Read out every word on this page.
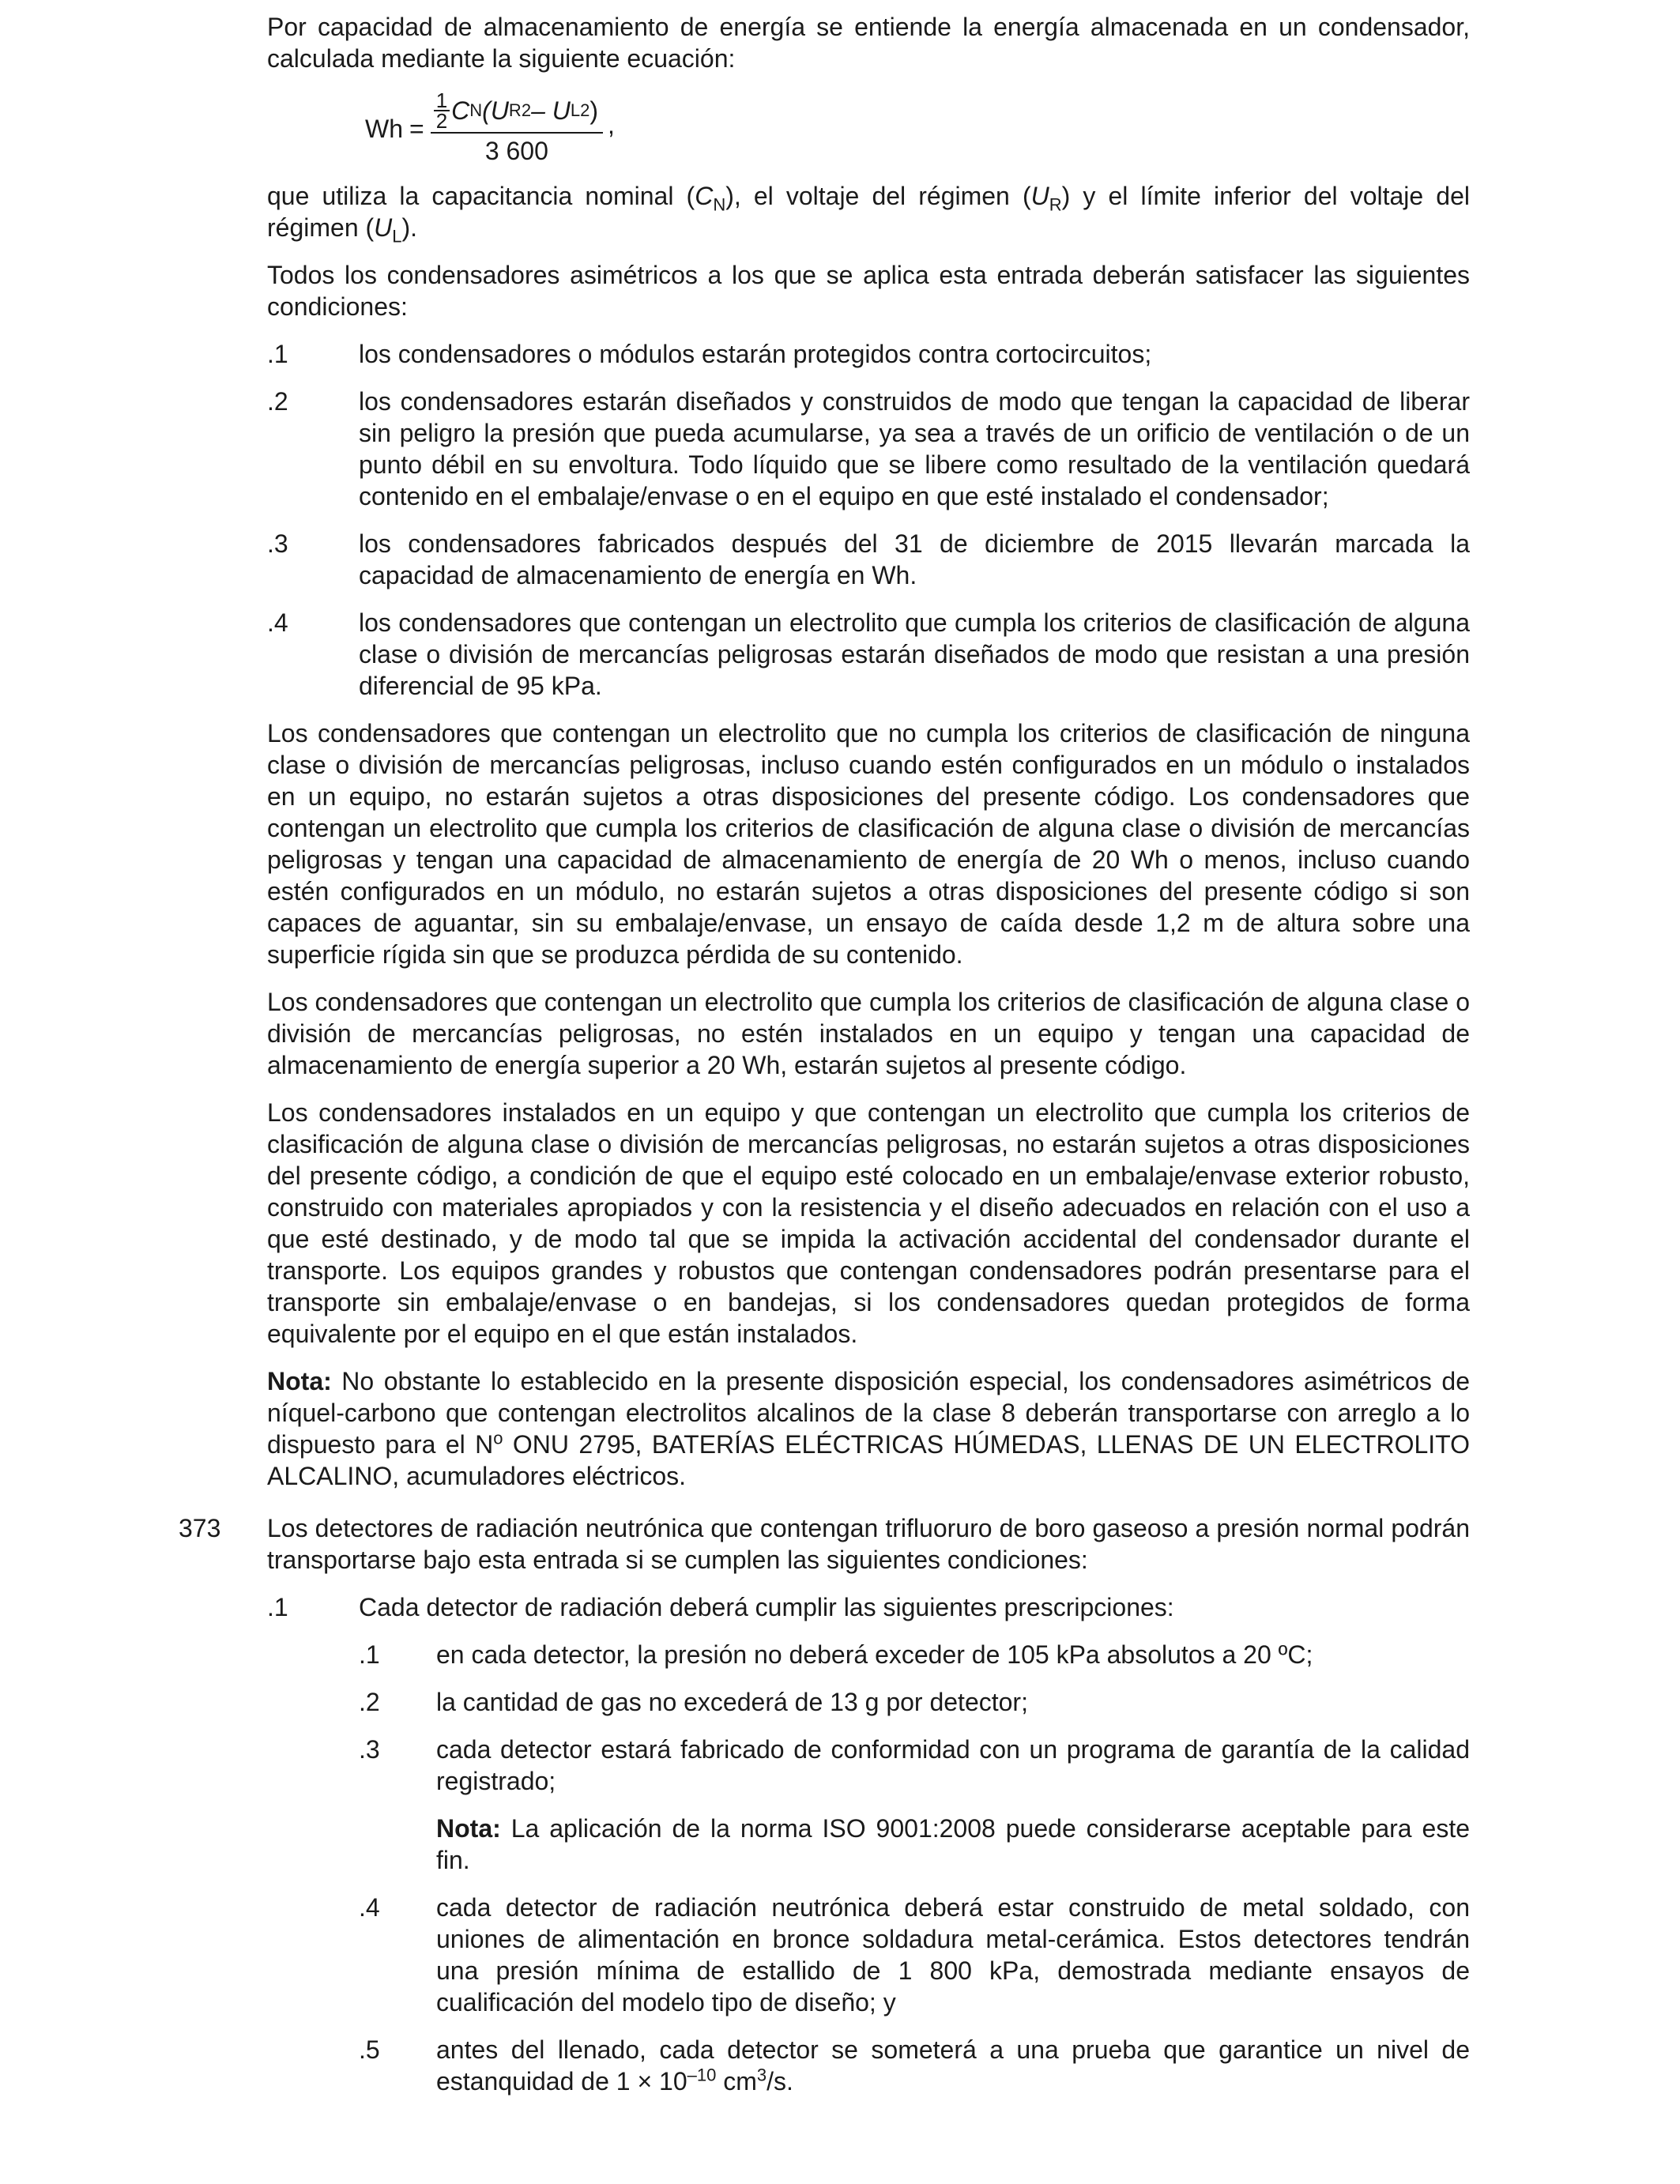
Por capacidad de almacenamiento de energía se entiende la energía almacenada en un condensador, calculada mediante la siguiente ecuación:

$Wh = \frac{\frac{1}{2} C N (U R 2 - U L 2 )}{3 600}$ ,

que utiliza la capacitancia nominal $(C_N)$, el voltaje del régimen $(U_R)$ y el límite inferior del voltaje del régimen $(U_L)$.

Todos los condensadores asimétricos a los que se aplica esta entrada deberán satisfacer las siguientes condiciones:

.1	los condensadores o módulos estarán protegidos contra cortocircuitos;
.2	los condensadores estarán diseñados y construidos de modo que tengan la capacidad de liberar sin peligro la presión que pueda acumularse, ya sea a través de un orificio de ventilación o de un punto débil en su envoltura. Todo líquido que se libere como resultado de la ventilación quedará contenido en el embalaje/envase o en el equipo en que esté instalado el condensador;
.3	los condensadores fabricados después del 31 de diciembre de 2015 llevarán marcada la capacidad de almacenamiento de energía en Wh.
.4	los condensadores que contengan un electrolito que cumpla los criterios de clasificación de alguna clase o división de mercancías peligrosas estarán diseñados de modo que resistan a una presión diferencial de 95 kPa.

Los condensadores que contengan un electrolito que no cumpla los criterios de clasificación de ninguna clase o división de mercancías peligrosas, incluso cuando estén configurados en un módulo o instalados en un equipo, no estarán sujetos a otras disposiciones del presente código. Los condensadores que contengan un electrolito que cumpla los criterios de clasificación de alguna clase o división de mercancías peligrosas y tengan una capacidad de almacenamiento de energía de 20 Wh o menos, incluso cuando estén configurados en un módulo, no estarán sujetos a otras disposiciones del presente código si son capaces de aguantar, sin su embalaje/envase, un ensayo de caída desde 1,2 m de altura sobre una superficie rígida sin que se produzca pérdida de su contenido.

Los condensadores que contengan un electrolito que cumpla los criterios de clasificación de alguna clase o división de mercancías peligrosas, no estén instalados en un equipo y tengan una capacidad de almacenamiento de energía superior a 20 Wh, estarán sujetos al presente código.

Los condensadores instalados en un equipo y que contengan un electrolito que cumpla los criterios de clasificación de alguna clase o división de mercancías peligrosas, no estarán sujetos a otras disposiciones del presente código, a condición de que el equipo esté colocado en un embalaje/envase exterior robusto, construido con materiales apropiados y con la resistencia y el diseño adecuados en relación con el uso a que esté destinado, y de modo tal que se impida la activación accidental del condensador durante el transporte. Los equipos grandes y robustos que contengan condensadores podrán presentarse para el transporte sin embalaje/envase o en bandejas, si los condensadores quedan protegidos de forma equivalente por el equipo en el que están instalados.

Nota: No obstante lo establecido en la presente disposición especial, los condensadores asimétricos de níquel-carbono que contengan electrolitos alcalinos de la clase 8 deberán transportarse con arreglo a lo dispuesto para el $N^o$ ONU 2795, BATERÍAS ELÉCTRICAS HÚMEDAS, LLENAS DE UN ELECTROLITO ALCALINO, acumuladores eléctricos.

373 Los detectores de radiación neutrónica que contengan trifluoruro de boro gaseoso a presión normal podrán transportarse bajo esta entrada si se cumplen las siguientes condiciones:

.1	Cada detector de radiación deberá cumplir las siguientes prescripciones:
.1	en cada detector, la presión no deberá exceder de 105 kPa absolutos a 20 ºC;
.2	la cantidad de gas no excederá de 13 g por detector;
.3	cada detector estará fabricado de conformidad con un programa de garantía de la calidad registrado;

Nota: La aplicación de la norma ISO 9001:2008 puede considerarse aceptable para este fin.

.4	cada detector de radiación neutrónica deberá estar construido de metal soldado, con uniones de alimentación en bronce soldadura metal-cerámica. Estos detectores tendrán una presión mínima de estallido de 1 800 kPa, demostrada mediante ensayos de cualificación del modelo tipo de diseño; y
.5	antes del llenado, cada detector se someterá a una prueba que garantice un nivel de estanquidad de $1 \times 10^{-10}$ $cm^3/s$.
